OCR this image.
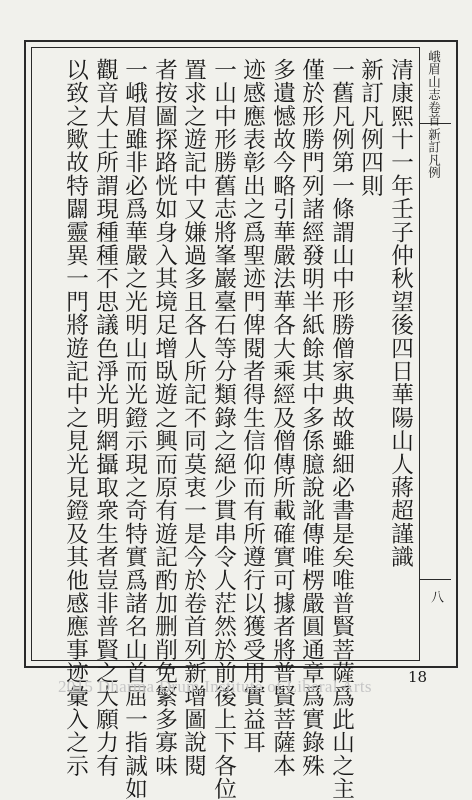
峨眉山志卷首
新訂凡例
八
清康熙十一年壬子仲秋望後四日華陽山人蔣超謹識
新訂凡例四則
一舊凡例第一條謂山中形勝僧家典故雖細必書是矣唯普賢菩薩爲此山之主
僅於形勝門列諸經發明半紙餘其中多係臆說訛傳唯楞嚴圓通章爲實錄殊
多遺憾故今略引華嚴法華各大乘經及僧傳所載確實可據者將普賢菩薩本
迹感應表彰出之爲聖迹門俾閱者得生信仰而有所遵行以獲受用實益耳
一山中形勝舊志將峯巖臺石等分類錄之絕少貫串令人茫然於前後上下各位
置求之遊記中又嫌過多且各人所記不同莫衷一是今於卷首列新增圖說閱
者按圖探路恍如身入其境足增臥遊之興而原有遊記酌加删削免繁多寡味
一峨眉雖非必爲華嚴之光明山而光鐙示現之奇特實爲諸名山首屈一指誠如
觀音大士所謂現種種不思議色淨光明網攝取衆生者豈非普賢之大願力有
以致之歟故特闢靈異一門將遊記中之見光見鐙及其他感應事迹彙入之示	18
2015 Dharma Drum Institute of Liberal Arts
